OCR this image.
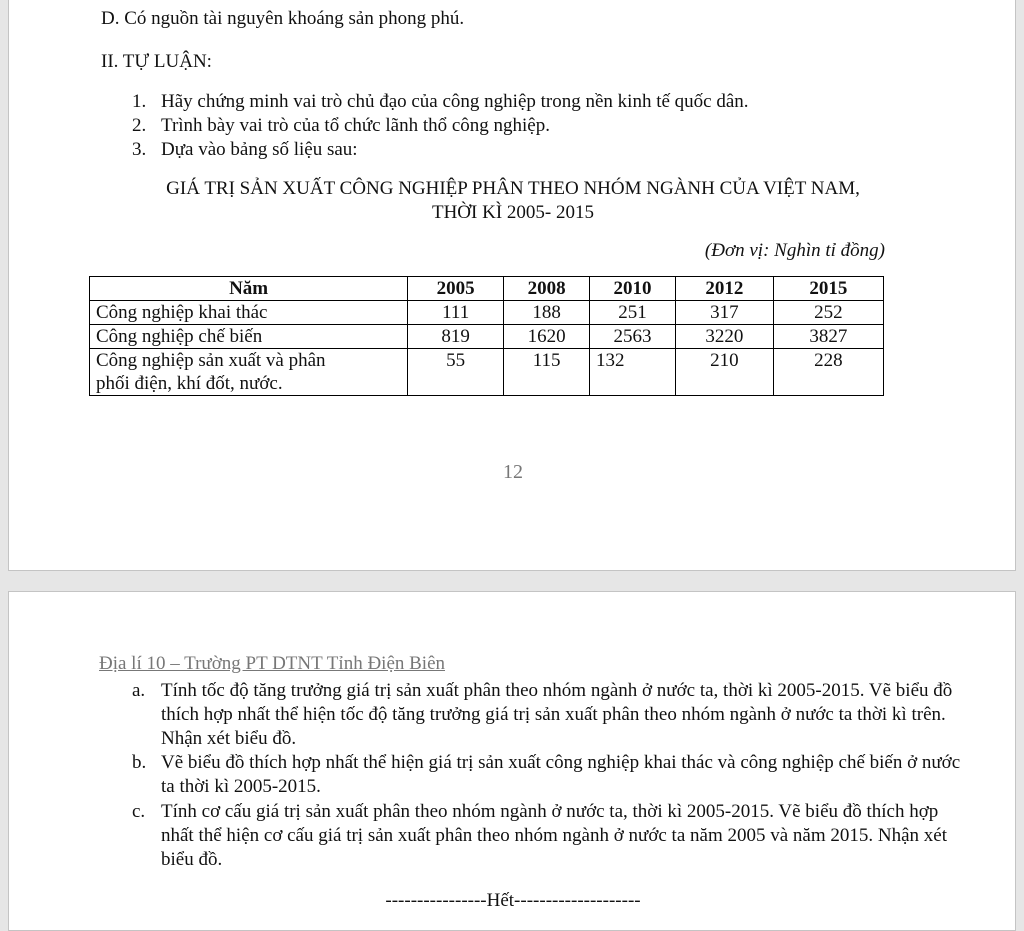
D. Có nguồn tài nguyên khoáng sản phong phú.
II. TỰ LUẬN:
1. Hãy chứng minh vai trò chủ đạo của công nghiệp trong nền kinh tế quốc dân.
2. Trình bày vai trò của tổ chức lãnh thổ công nghiệp.
3. Dựa vào bảng số liệu sau:
GIÁ TRỊ SẢN XUẤT CÔNG NGHIỆP PHÂN THEO NHÓM NGÀNH CỦA VIỆT NAM,
THỜI KÌ 2005- 2015
(Đơn vị: Nghìn tỉ đồng)
Năm	2005	2008	2010	2012	2015
Công nghiệp khai thác	111	188	251	317	252
Công nghiệp chế biến	819	1620	2563	3220	3827

Công nghiệp sản xuất và phân
phối điện, khí đốt, nước.	55	115	132	210	228
12
Địa lí 10 – Trường PT DTNT Tỉnh Điện Biên
a. Tính tốc độ tăng trưởng giá trị sản xuất phân theo nhóm ngành ở nước ta, thời kì 2005-2015. Vẽ biểu đồ thích hợp nhất thể hiện tốc độ tăng trưởng giá trị sản xuất phân theo nhóm ngành ở nước ta thời kì trên. Nhận xét biểu đồ.
b. Vẽ biểu đồ thích hợp nhất thể hiện giá trị sản xuất công nghiệp khai thác và công nghiệp chế biến ở nước ta thời kì 2005-2015.
c. Tính cơ cấu giá trị sản xuất phân theo nhóm ngành ở nước ta, thời kì 2005-2015. Vẽ biểu đồ thích hợp nhất thể hiện cơ cấu giá trị sản xuất phân theo nhóm ngành ở nước ta năm 2005 và năm 2015. Nhận xét biểu đồ.
----------------Hết--------------------
